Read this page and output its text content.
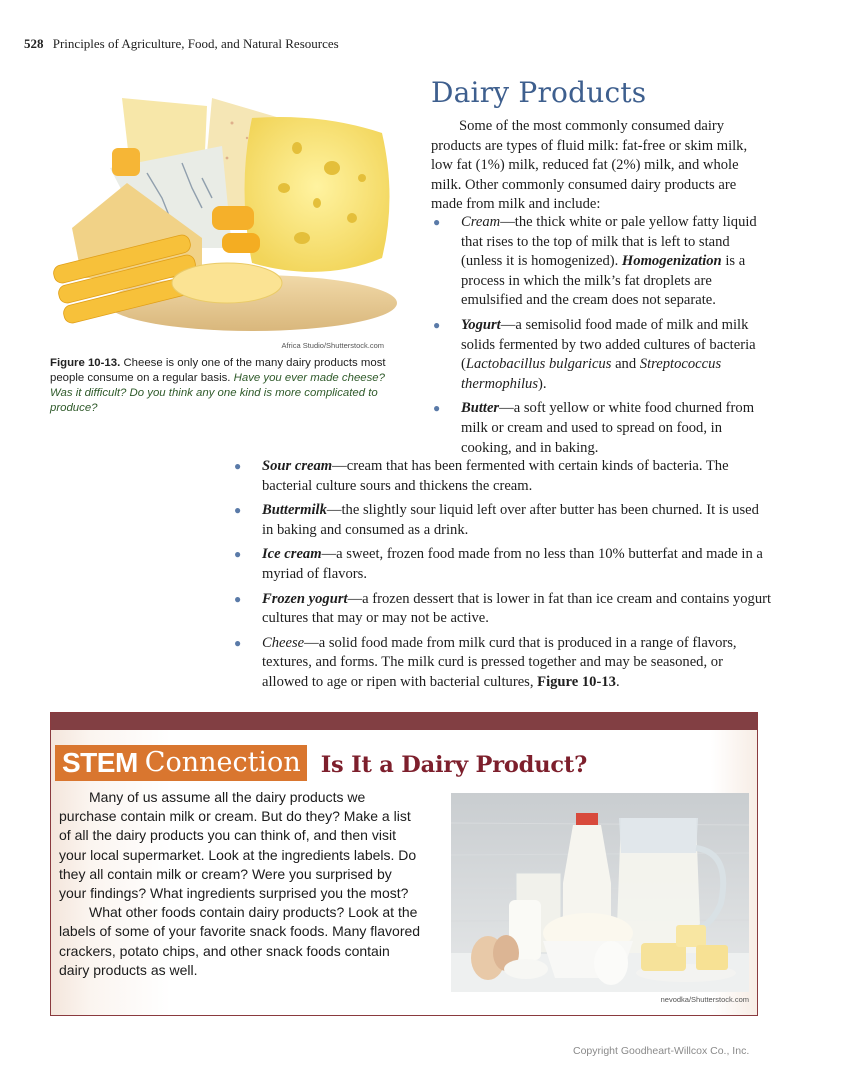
528 Principles of Agriculture, Food, and Natural Resources
Africa Studio/Shutterstock.com
Figure 10-13. Cheese is only one of the many dairy products most people consume on a regular basis. Have you ever made cheese? Was it difficult? Do you think any one kind is more complicated to produce?
Dairy Products

Some of the most commonly consumed dairy products are types of fluid milk: fat-free or skim milk, low fat (1%) milk, reduced fat (2%) milk, and whole milk. Other commonly consumed dairy products are made from milk and include:

● Cream—the thick white or pale yellow fatty liquid that rises to the top of milk that is left to stand (unless it is homogenized). Homogenization is a process in which the milk’s fat droplets are emulsified and the cream does not separate.
● Yogurt—a semisolid food made of milk and milk solids fermented by two added cultures of bacteria (Lactobacillus bulgaricus and Streptococcus thermophilus).
● Butter—a soft yellow or white food churned from milk or cream and used to spread on food, in cooking, and in baking.
● Sour cream—cream that has been fermented with certain kinds of bacteria. The bacterial culture sours and thickens the cream.
● Buttermilk—the slightly sour liquid left over after butter has been churned. It is used in baking and consumed as a drink.
● Ice cream—a sweet, frozen food made from no less than 10% butterfat and made in a myriad of flavors.
● Frozen yogurt—a frozen dessert that is lower in fat than ice cream and contains yogurt cultures that may or may not be active.
● Cheese—a solid food made from milk curd that is produced in a range of flavors, textures, and forms. The milk curd is pressed together and may be seasoned, or allowed to age or ripen with bacterial cultures, Figure 10-13.
STEM Connection Is It a Dairy Product?

Many of us assume all the dairy products we purchase contain milk or cream. But do they? Make a list of all the dairy products you can think of, and then visit your local supermarket. Look at the ingredients labels. Do they all contain milk or cream? Were you surprised by your findings? What ingredients surprised you the most?

What other foods contain dairy products? Look at the labels of some of your favorite snack foods. Many flavored crackers, potato chips, and other snack foods contain dairy products as well.

nevodka/Shutterstock.com
Copyright Goodheart-Willcox Co., Inc.
